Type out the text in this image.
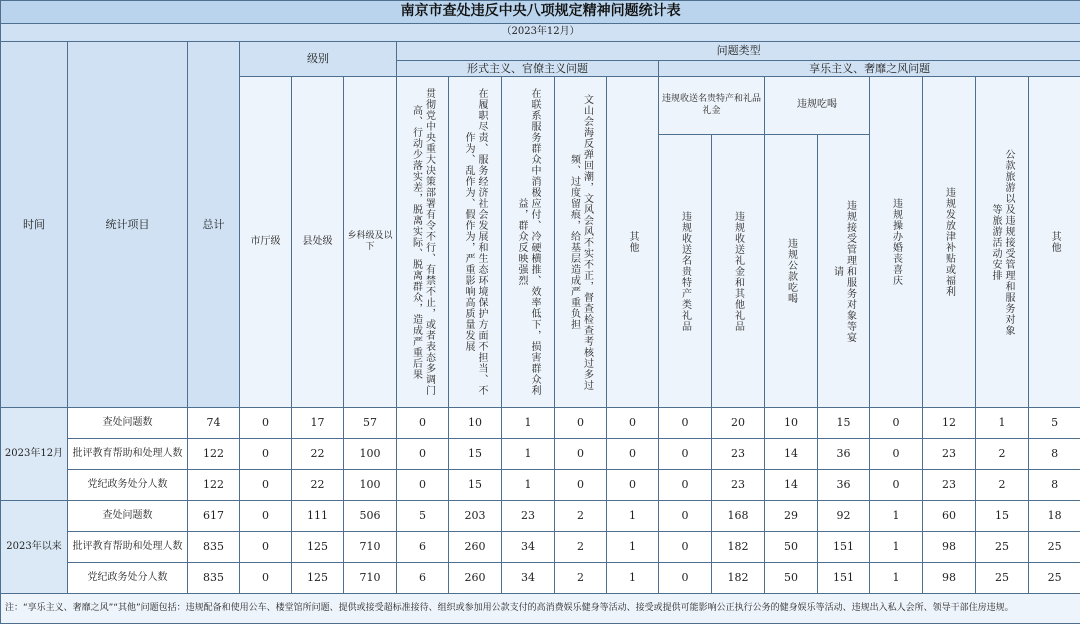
南京市查处违反中央八项规定精神问题统计表																		
（2023年12月）																		
时间	统计项目	总计	级别			问题类型												
						形式主义、官僚主义问题					享乐主义、奢靡之风问题							
			市厅级	县处级	乡科级及以下	贯彻党中央重大决策部署有令不行、有禁不止，或者表态多调门高、行动少落实差，脱离实际、脱离群众，造成严重后果	在履职尽责、服务经济社会发展和生态环境保护方面不担当、不作为、乱作为、假作为，严重影响高质量发展	在联系服务群众中消极应付、冷硬横推、效率低下，损害群众利益，群众反映强烈	文山会海反弹回潮，文风会风不实不正，督查检查考核过多过频、过度留痕，给基层造成严重负担	其他	违规收送名贵特产和礼品礼金		违规吃喝		违规操办婚丧喜庆	违规发放津补贴或福利	公款旅游以及违规接受管理和服务对象等旅游活动安排	其他

											违规收送名贵特产类礼品	违规收送礼金和其他礼品	违规公款吃喝	违规接受管理和服务对象等宴请				

2023年12月	查处问题数	74	0	17	57	0	10	1	0	0	0	20	10	15	0	12	1	5
	批评教育帮助和处理人数	122	0	22	100	0	15	1	0	0	0	23	14	36	0	23	2	8
	党纪政务处分人数	122	0	22	100	0	15	1	0	0	0	23	14	36	0	23	2	8
2023年以来	查处问题数	617	0	111	506	5	203	23	2	1	0	168	29	92	1	60	15	18
	批评教育帮助和处理人数	835	0	125	710	6	260	34	2	1	0	182	50	151	1	98	25	25
	党纪政务处分人数	835	0	125	710	6	260	34	2	1	0	182	50	151	1	98	25	25
注：“享乐主义、奢靡之风”“其他”问题包括：违规配备和使用公车、楼堂馆所问题、提供或接受超标准接待、组织或参加用公款支付的高消费娱乐健身等活动、接受或提供可能影响公正执行公务的健身娱乐等活动、违规出入私人会所、领导干部住房违规。																		
